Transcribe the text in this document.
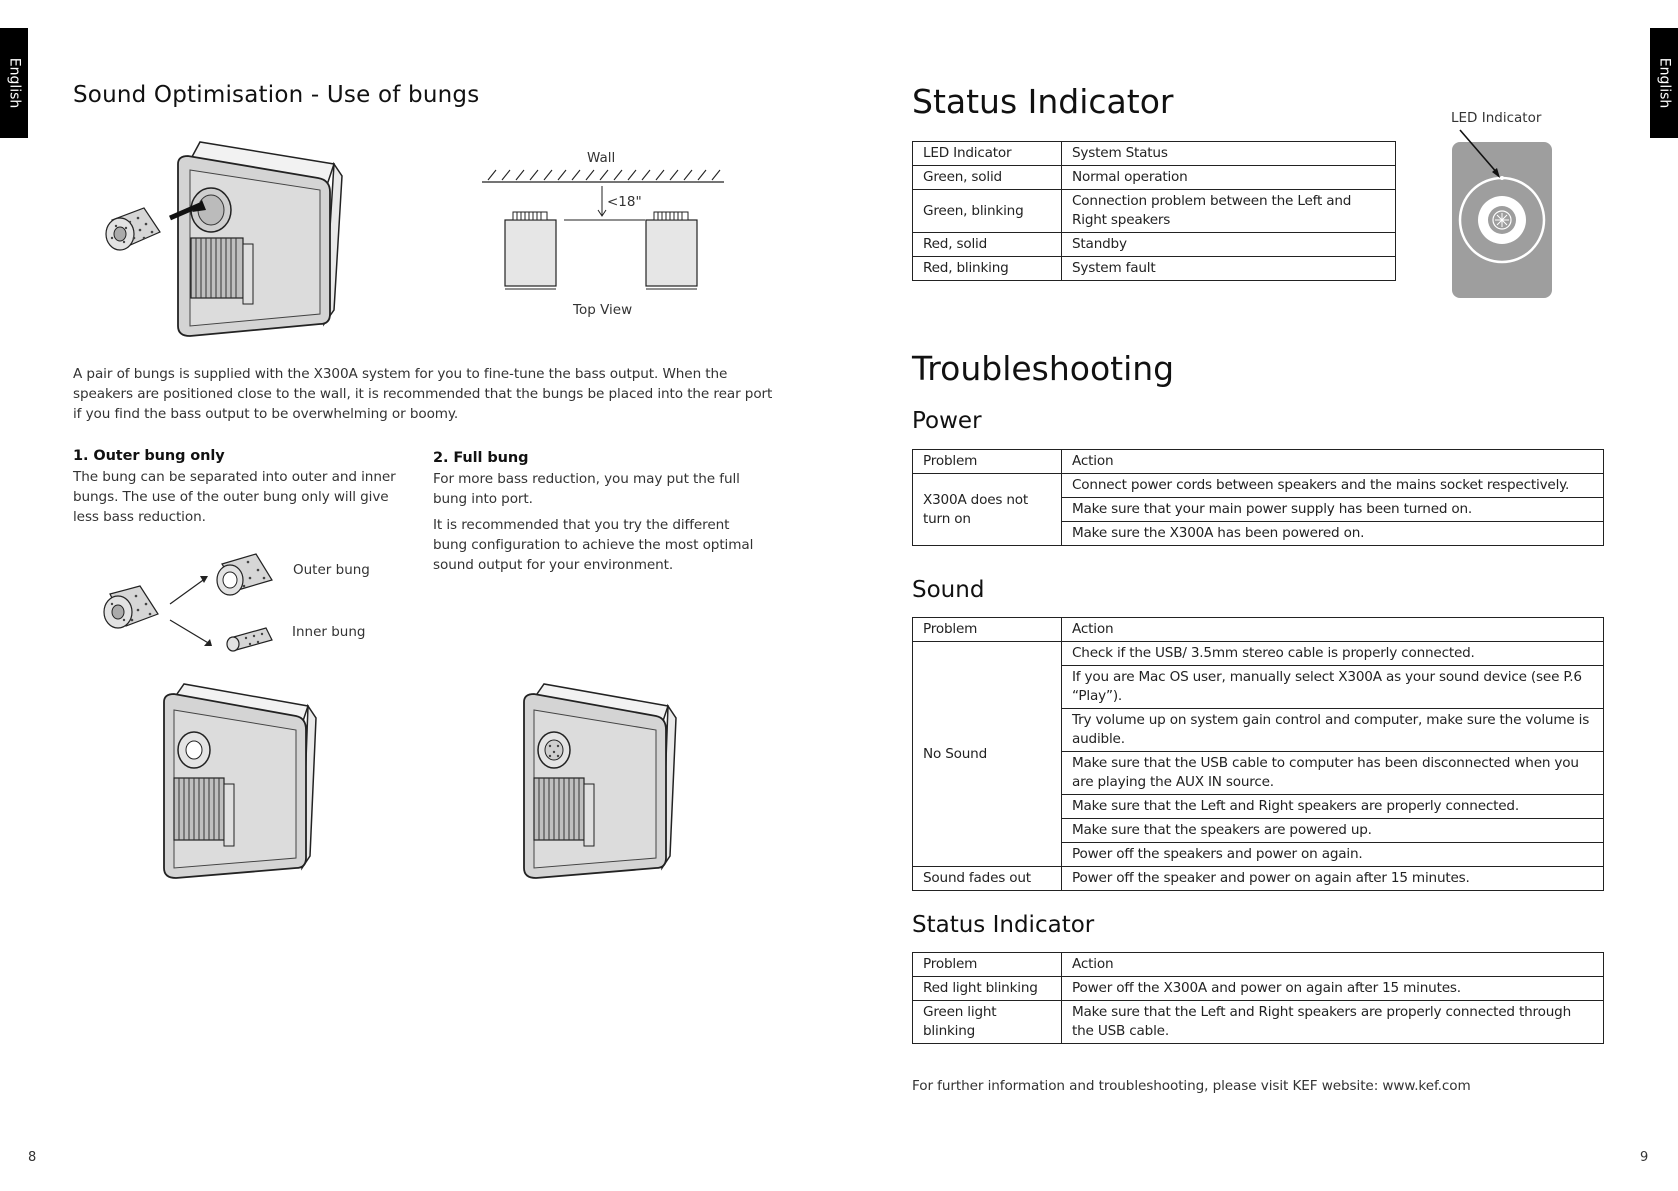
English Sound Optimisation - Use of bungs
Wall
<18"
Top View
A pair of bungs is supplied with the X300A system for you to fine-tune the bass output. When the speakers are positioned close to the wall, it is recommended that the bungs be placed into the rear port if you find the bass output to be overwhelming or boomy.
1. Outer bung only
The bung can be separated into outer and inner bungs. The use of the outer bung only will give less bass reduction.
2. Full bung
For more bass reduction, you may put the full bung into port.
It is recommended that you try the different bung configuration to achieve the most optimal sound output for your environment.
Outer bung
Inner bung
8
English
Status Indicator
LED Indicator	System Status
Green, solid	Normal operation
Green, blinking	Connection problem between the Left and Right speakers
Red, solid	Standby
Red, blinking	System fault
LED Indicator
Troubleshooting
Power
Problem	Action
X300A does not turn on	Connect power cords between speakers and the mains socket respectively.
	Make sure that your main power supply has been turned on.
	Make sure the X300A has been powered on.
Sound
Problem	Action
No Sound	Check if the USB/ 3.5mm stereo cable is properly connected.
	If you are Mac OS user, manually select X300A as your sound device (see P.6 “Play”).
	Try volume up on system gain control and computer, make sure the volume is audible.
	Make sure that the USB cable to computer has been disconnected when you are playing the AUX IN source.
	Make sure that the Left and Right speakers are properly connected.
	Make sure that the speakers are powered up.
	Power off the speakers and power on again.
Sound fades out	Power off the speaker and power on again after 15 minutes.
Status Indicator
Problem	Action
Red light blinking	Power off the X300A and power on again after 15 minutes.
Green light blinking	Make sure that the Left and Right speakers are properly connected through the USB cable.
For further information and troubleshooting, please visit KEF website: www.kef.com
9
